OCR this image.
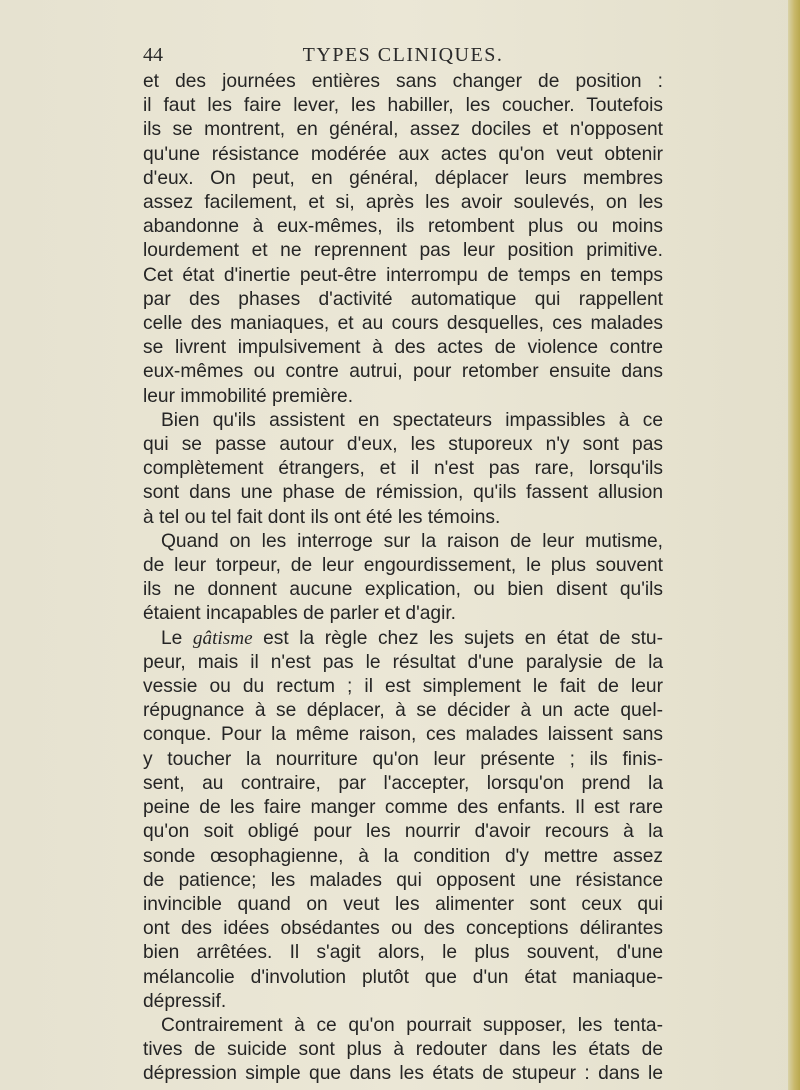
44	TYPES CLINIQUES.
et des journées entières sans changer de position :
il faut les faire lever, les habiller, les coucher. Toutefois
ils se montrent, en général, assez dociles et n'opposent
qu'une résistance modérée aux actes qu'on veut obtenir
d'eux. On peut, en général, déplacer leurs membres
assez facilement, et si, après les avoir soulevés, on les
abandonne à eux-mêmes, ils retombent plus ou moins
lourdement et ne reprennent pas leur position primitive.
Cet état d'inertie peut-être interrompu de temps en temps
par des phases d'activité automatique qui rappellent
celle des maniaques, et au cours desquelles, ces malades
se livrent impulsivement à des actes de violence contre
eux-mêmes ou contre autrui, pour retomber ensuite dans
leur immobilité première.
Bien qu'ils assistent en spectateurs impassibles à ce
qui se passe autour d'eux, les stuporeux n'y sont pas
complètement étrangers, et il n'est pas rare, lorsqu'ils
sont dans une phase de rémission, qu'ils fassent allusion
à tel ou tel fait dont ils ont été les témoins.
Quand on les interroge sur la raison de leur mutisme,
de leur torpeur, de leur engourdissement, le plus souvent
ils ne donnent aucune explication, ou bien disent qu'ils
étaient incapables de parler et d'agir.
Le gâtisme est la règle chez les sujets en état de stu-
peur, mais il n'est pas le résultat d'une paralysie de la
vessie ou du rectum ; il est simplement le fait de leur
répugnance à se déplacer, à se décider à un acte quel-
conque. Pour la même raison, ces malades laissent sans
y toucher la nourriture qu'on leur présente ; ils finis-
sent, au contraire, par l'accepter, lorsqu'on prend la
peine de les faire manger comme des enfants. Il est rare
qu'on soit obligé pour les nourrir d'avoir recours à la
sonde œsophagienne, à la condition d'y mettre assez
de patience; les malades qui opposent une résistance
invincible quand on veut les alimenter sont ceux qui
ont des idées obsédantes ou des conceptions délirantes
bien arrêtées. Il s'agit alors, le plus souvent, d'une
mélancolie d'involution plutôt que d'un état maniaque-
dépressif.
Contrairement à ce qu'on pourrait supposer, les tenta-
tives de suicide sont plus à redouter dans les états de
dépression simple que dans les états de stupeur : dans le
